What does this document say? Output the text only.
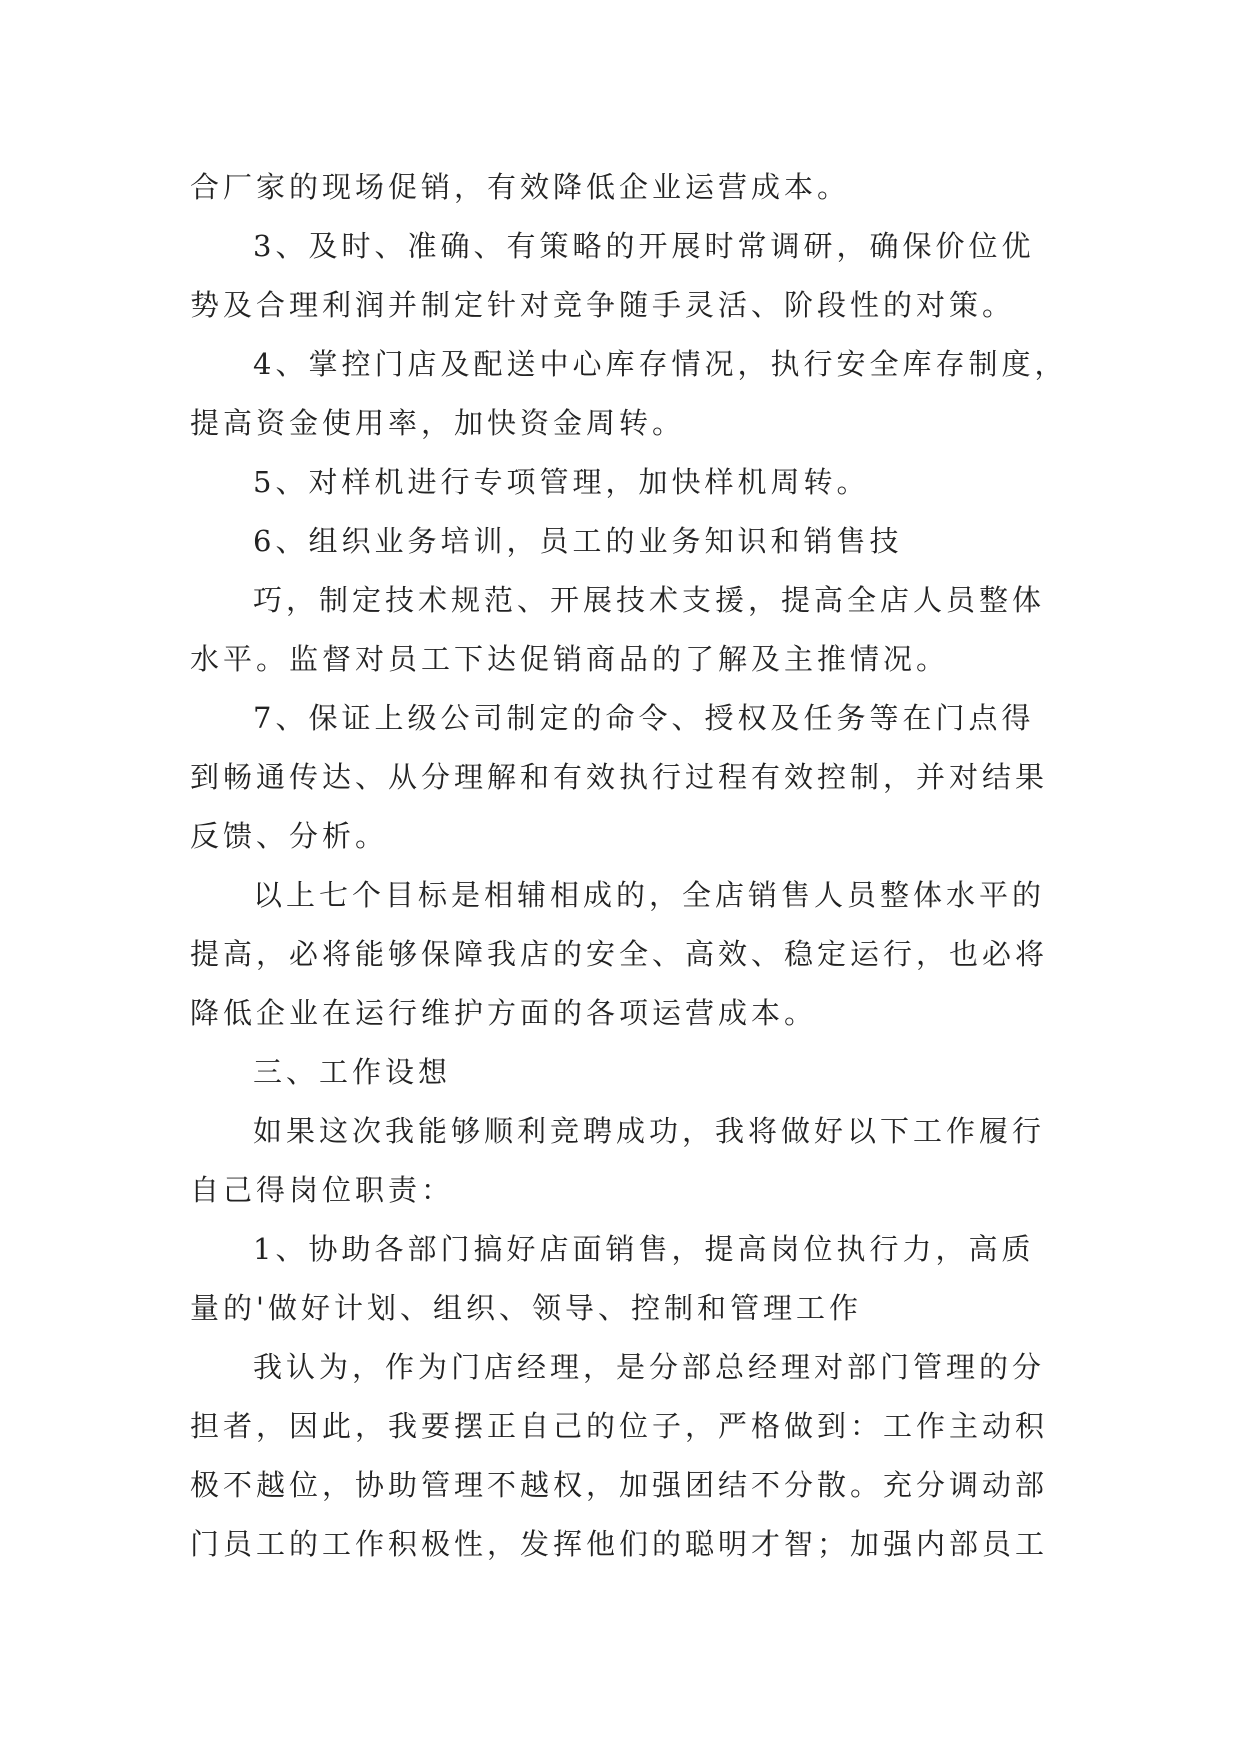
合厂家的现场促销，有效降低企业运营成本。

3、及时、准确、有策略的开展时常调研，确保价位优

势及合理利润并制定针对竞争随手灵活、阶段性的对策。

4、掌控门店及配送中心库存情况，执行安全库存制度，

提高资金使用率，加快资金周转。

5、对样机进行专项管理，加快样机周转。

6、组织业务培训，员工的业务知识和销售技

巧，制定技术规范、开展技术支援，提高全店人员整体

水平。监督对员工下达促销商品的了解及主推情况。

7、保证上级公司制定的命令、授权及任务等在门点得

到畅通传达、从分理解和有效执行过程有效控制，并对结果

反馈、分析。

以上七个目标是相辅相成的，全店销售人员整体水平的

提高，必将能够保障我店的安全、高效、稳定运行，也必将

降低企业在运行维护方面的各项运营成本。

三、工作设想

如果这次我能够顺利竞聘成功，我将做好以下工作履行

自己得岗位职责：

1、协助各部门搞好店面销售，提高岗位执行力，高质

量的'做好计划、组织、领导、控制和管理工作

我认为，作为门店经理，是分部总经理对部门管理的分

担者，因此，我要摆正自己的位子，严格做到：工作主动积

极不越位，协助管理不越权，加强团结不分散。充分调动部

门员工的工作积极性，发挥他们的聪明才智；加强内部员工
